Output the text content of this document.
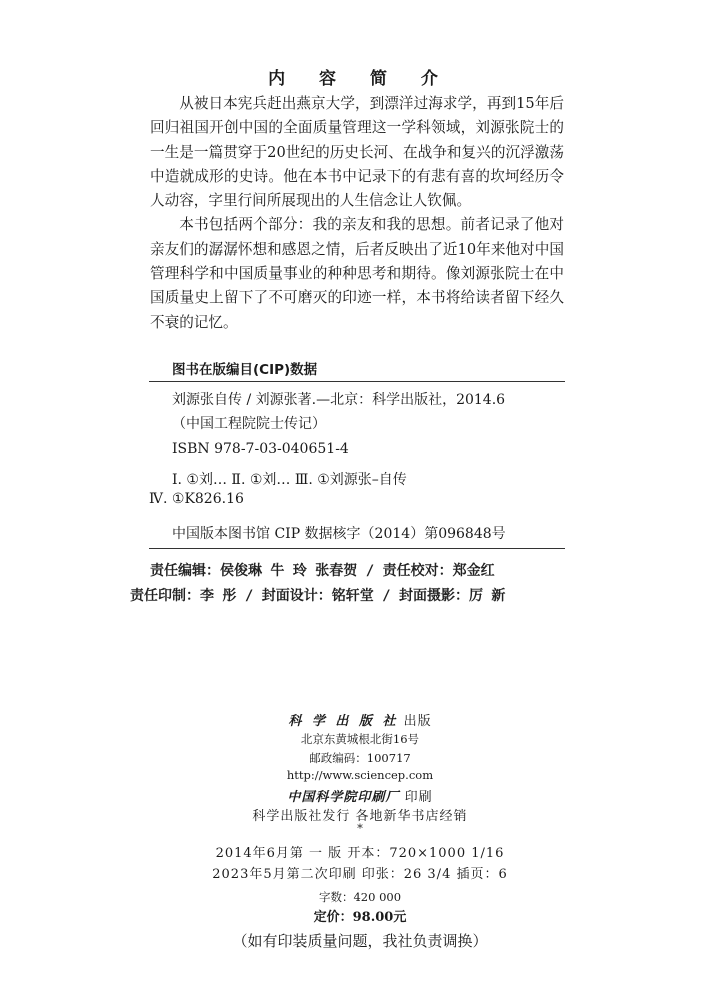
内 容 简 介

从被日本宪兵赶出燕京大学，到漂洋过海求学，再到15年后回归祖国开创中国的全面质量管理这一学科领域，刘源张院士的一生是一篇贯穿于20世纪的历史长河、在战争和复兴的沉浮激荡中造就成形的史诗。他在本书中记录下的有悲有喜的坎坷经历令人动容，字里行间所展现出的人生信念让人钦佩。

本书包括两个部分：我的亲友和我的思想。前者记录了他对亲友们的潺潺怀想和感恩之情，后者反映出了近10年来他对中国管理科学和中国质量事业的种种思考和期待。像刘源张院士在中国质量史上留下了不可磨灭的印迹一样，本书将给读者留下经久不衰的记忆。

图书在版编目(CIP)数据
刘源张自传 / 刘源张著.—北京：科学出版社，2014.6
（中国工程院院士传记）
ISBN 978-7-03-040651-4
Ⅰ. ①刘… Ⅱ. ①刘… Ⅲ. ①刘源张–自传
Ⅳ. ①K826.16
中国版本图书馆 CIP 数据核字（2014）第096848号
责任编辑：侯俊琳 牛 玲 张春贺 / 责任校对：郑金红
责任印制：李 彤 / 封面设计：铭轩堂 / 封面摄影：厉 新
科 学 出 版 社 出版
北京东黄城根北街16号
邮政编码：100717
http://www.sciencep.com
中国科学院印刷厂 印刷
科学出版社发行 各地新华书店经销
*
2014年6月第 一 版 开本：720×1000 1/16
2023年5月第二次印刷 印张：26 3/4 插页：6
字数：420 000
定价：98.00元
（如有印装质量问题，我社负责调换）
